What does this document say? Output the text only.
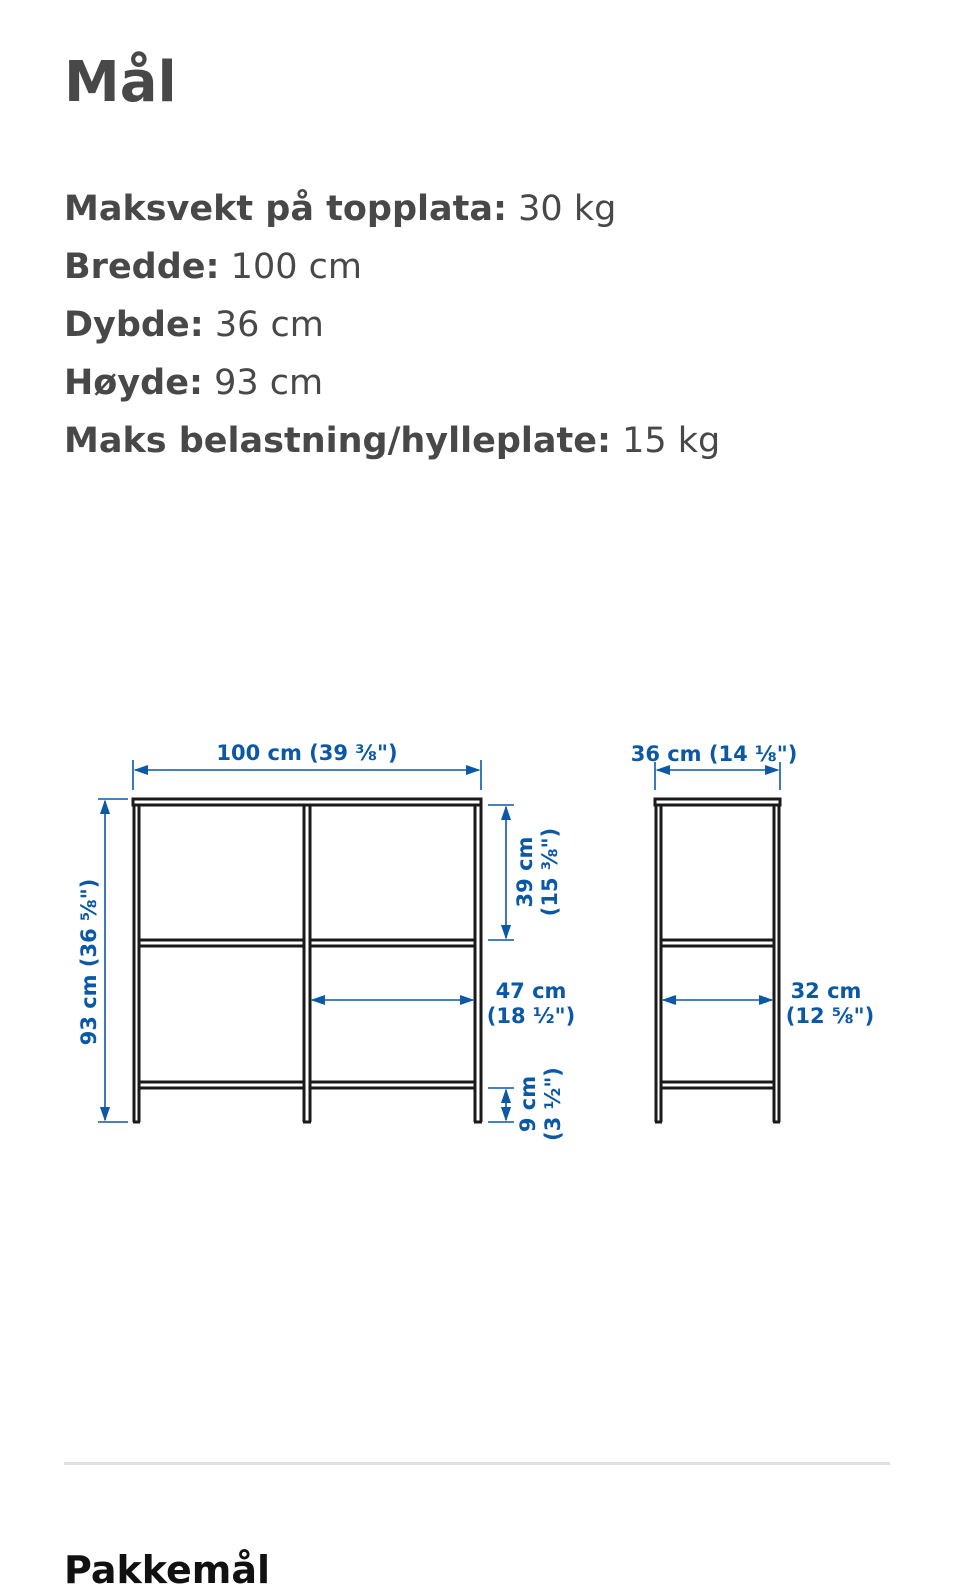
Mål
Maksvekt på topplata: 30 kg
Bredde: 100 cm
Dybde: 36 cm
Høyde: 93 cm
Maks belastning/hylleplate: 15 kg
100 cm (39 ⅜")
93 cm (36 ⅝")
39 cm (15 ⅜")
47 cm
(18 ½")
9 cm (3 ½")
36 cm (14 ⅛")
32 cm
(12 ⅝")
Pakkemål
